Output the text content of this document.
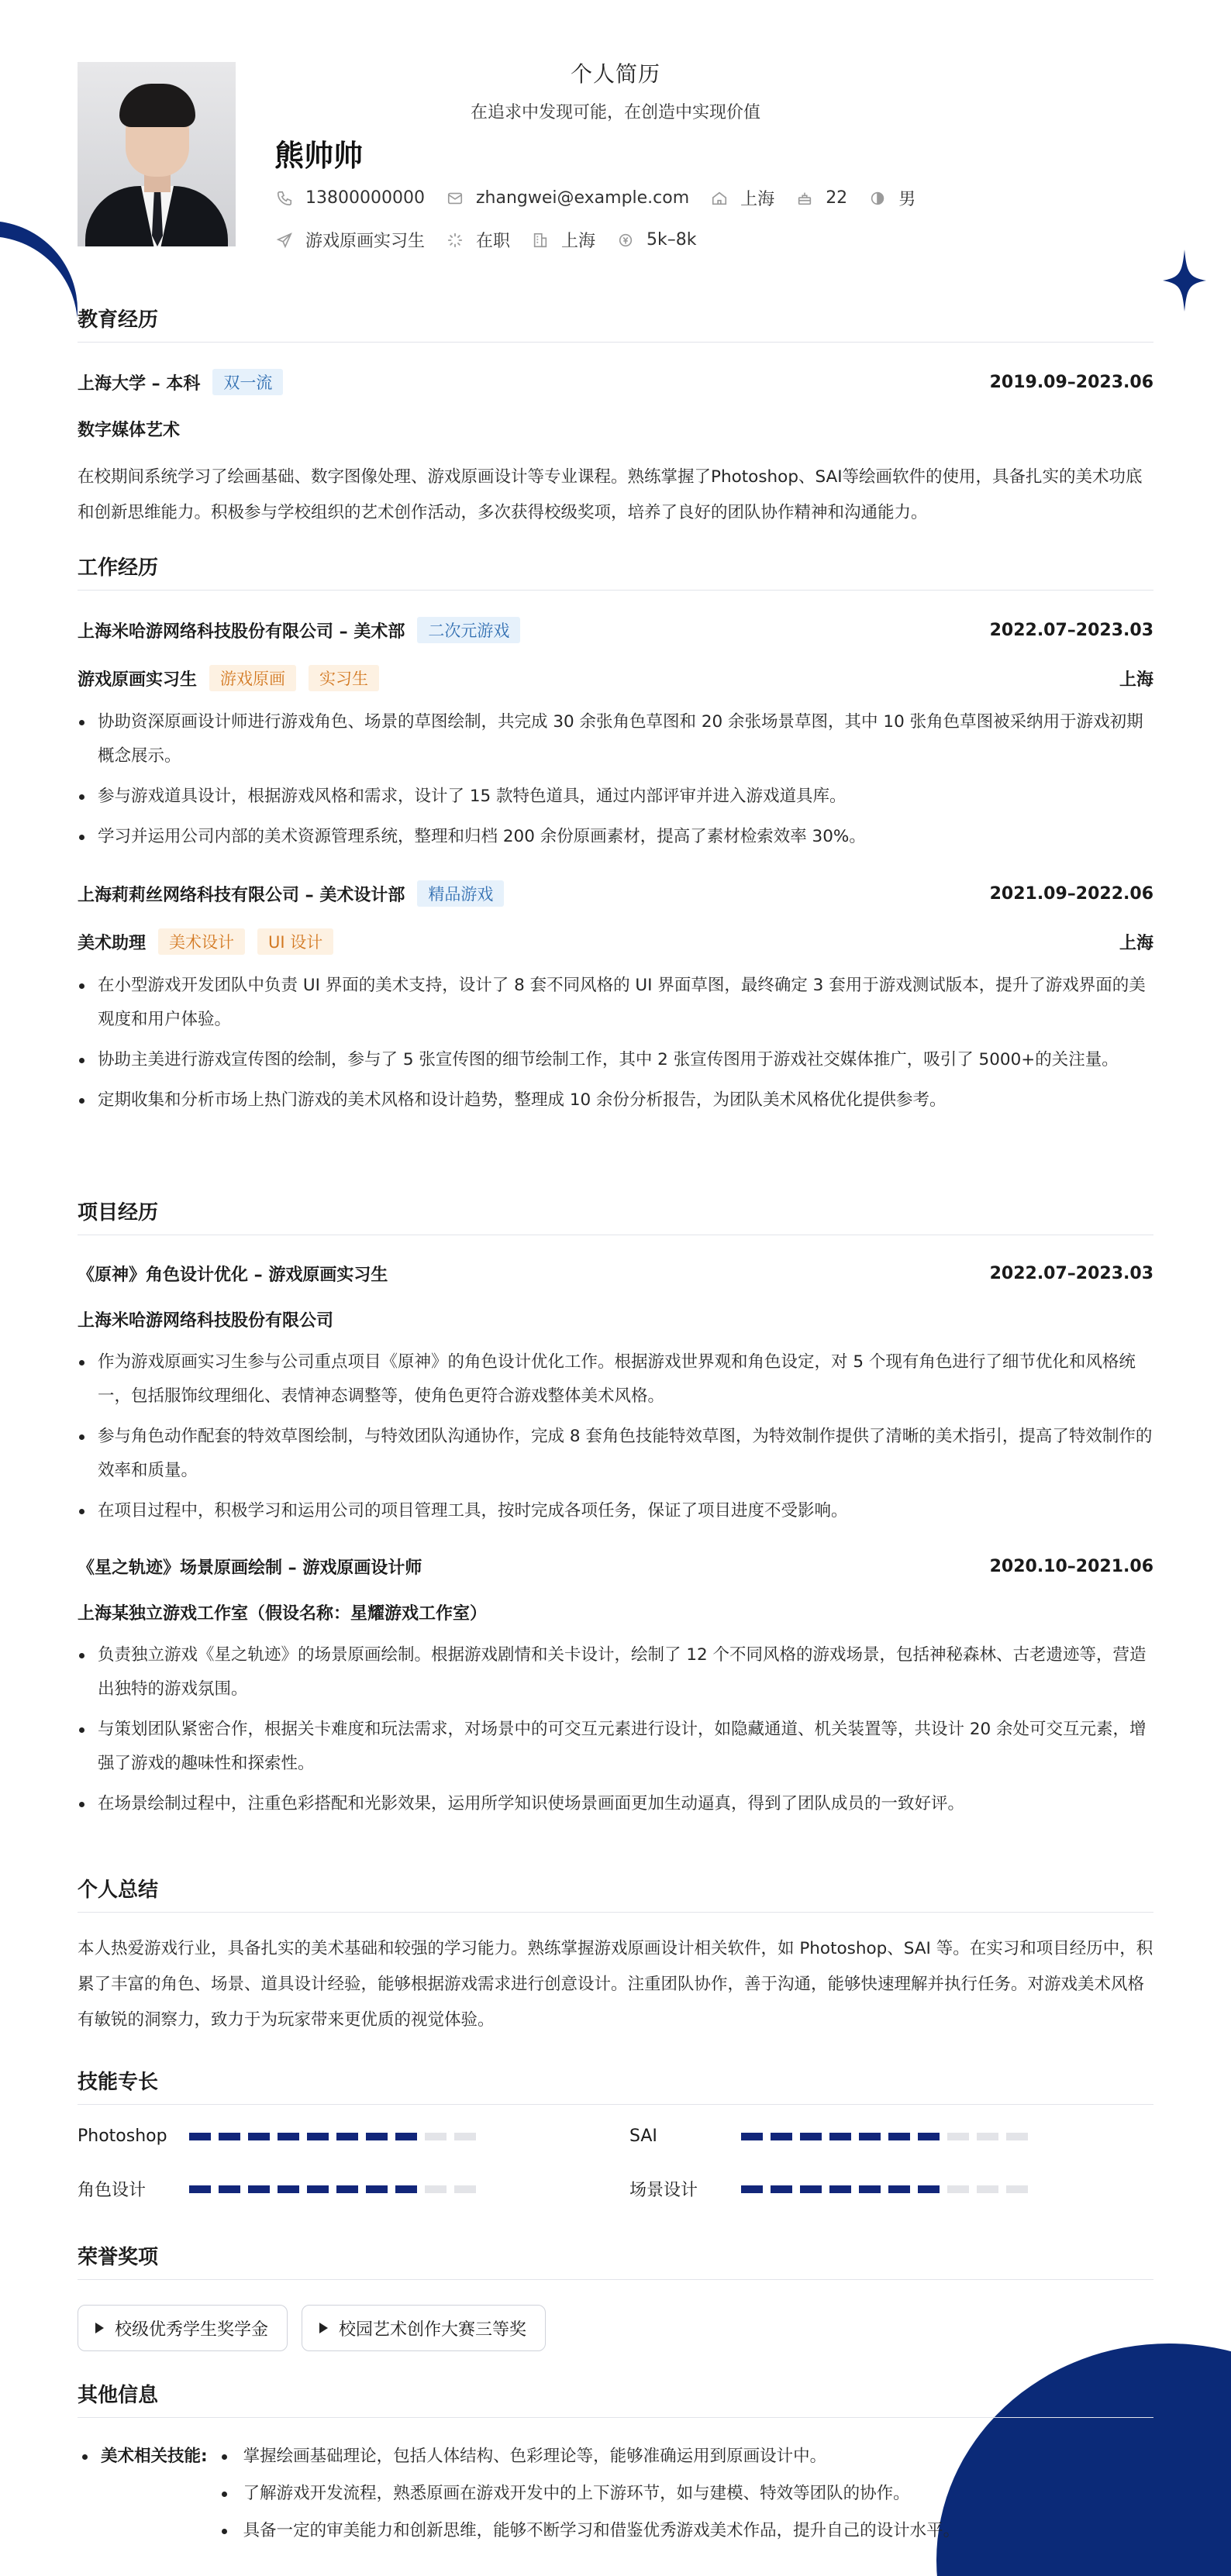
个人简历
在追求中发现可能，在创造中实现价值
熊帅帅
13800000000	zhangwei@example.com	上海	22	男
游戏原画实习生	在职	上海	5k–8k
教育经历
上海大学 – 本科	双一流	2019.09–2023.06
数字媒体艺术
在校期间系统学习了绘画基础、数字图像处理、游戏原画设计等专业课程。熟练掌握了Photoshop、SAI等绘画软件的使用，具备扎实的美术功底和创新思维能力。积极参与学校组织的艺术创作活动，多次获得校级奖项，培养了良好的团队协作精神和沟通能力。
工作经历
上海米哈游网络科技股份有限公司 – 美术部	二次元游戏	2022.07–2023.03
游戏原画实习生	游戏原画	实习生	上海
协助资深原画设计师进行游戏角色、场景的草图绘制，共完成 30 余张角色草图和 20 余张场景草图，其中 10 张角色草图被采纳用于游戏初期概念展示。
参与游戏道具设计，根据游戏风格和需求，设计了 15 款特色道具，通过内部评审并进入游戏道具库。
学习并运用公司内部的美术资源管理系统，整理和归档 200 余份原画素材，提高了素材检索效率 30%。
上海莉莉丝网络科技有限公司 – 美术设计部	精品游戏	2021.09–2022.06
美术助理	美术设计	UI 设计	上海
在小型游戏开发团队中负责 UI 界面的美术支持，设计了 8 套不同风格的 UI 界面草图，最终确定 3 套用于游戏测试版本，提升了游戏界面的美观度和用户体验。
协助主美进行游戏宣传图的绘制，参与了 5 张宣传图的细节绘制工作，其中 2 张宣传图用于游戏社交媒体推广，吸引了 5000+的关注量。
定期收集和分析市场上热门游戏的美术风格和设计趋势，整理成 10 余份分析报告，为团队美术风格优化提供参考。
项目经历
《原神》角色设计优化 – 游戏原画实习生	2022.07–2023.03
上海米哈游网络科技股份有限公司
作为游戏原画实习生参与公司重点项目《原神》的角色设计优化工作。根据游戏世界观和角色设定，对 5 个现有角色进行了细节优化和风格统一，包括服饰纹理细化、表情神态调整等，使角色更符合游戏整体美术风格。
参与角色动作配套的特效草图绘制，与特效团队沟通协作，完成 8 套角色技能特效草图，为特效制作提供了清晰的美术指引，提高了特效制作的效率和质量。
在项目过程中，积极学习和运用公司的项目管理工具，按时完成各项任务，保证了项目进度不受影响。
《星之轨迹》场景原画绘制 – 游戏原画设计师	2020.10–2021.06
上海某独立游戏工作室（假设名称：星耀游戏工作室）
负责独立游戏《星之轨迹》的场景原画绘制。根据游戏剧情和关卡设计，绘制了 12 个不同风格的游戏场景，包括神秘森林、古老遗迹等，营造出独特的游戏氛围。
与策划团队紧密合作，根据关卡难度和玩法需求，对场景中的可交互元素进行设计，如隐藏通道、机关装置等，共设计 20 余处可交互元素，增强了游戏的趣味性和探索性。
在场景绘制过程中，注重色彩搭配和光影效果，运用所学知识使场景画面更加生动逼真，得到了团队成员的一致好评。
个人总结
本人热爱游戏行业，具备扎实的美术基础和较强的学习能力。熟练掌握游戏原画设计相关软件，如 Photoshop、SAI 等。在实习和项目经历中，积累了丰富的角色、场景、道具设计经验，能够根据游戏需求进行创意设计。注重团队协作，善于沟通，能够快速理解并执行任务。对游戏美术风格有敏锐的洞察力，致力于为玩家带来更优质的视觉体验。
技能专长
Photoshop	SAI
角色设计	场景设计
荣誉奖项
校级优秀学生奖学金	校园艺术创作大赛三等奖
其他信息
美术相关技能:	掌握绘画基础理论，包括人体结构、色彩理论等，能够准确运用到原画设计中。
了解游戏开发流程，熟悉原画在游戏开发中的上下游环节，如与建模、特效等团队的协作。
具备一定的审美能力和创新思维，能够不断学习和借鉴优秀游戏美术作品，提升自己的设计水平。
